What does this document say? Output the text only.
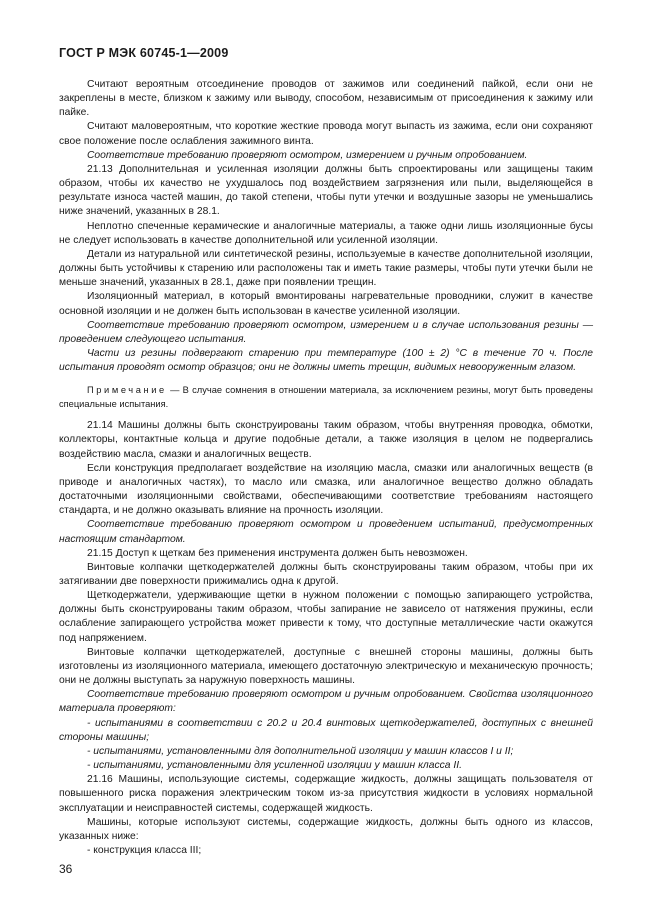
ГОСТ Р МЭК 60745-1—2009

Считают вероятным отсоединение проводов от зажимов или соединений пайкой, если они не закреплены в месте, близком к зажиму или выводу, способом, независимым от присоединения к зажиму или пайке.

Считают маловероятным, что короткие жесткие провода могут выпасть из зажима, если они сохраняют свое положение после ослабления зажимного винта.

Соответствие требованию проверяют осмотром, измерением и ручным опробованием.

21.13 Дополнительная и усиленная изоляции должны быть спроектированы или защищены таким образом, чтобы их качество не ухудшалось под воздействием загрязнения или пыли, выделяющейся в результате износа частей машин, до такой степени, чтобы пути утечки и воздушные зазоры не уменьшались ниже значений, указанных в 28.1.

Неплотно спеченные керамические и аналогичные материалы, а также одни лишь изоляционные бусы не следует использовать в качестве дополнительной или усиленной изоляции.

Детали из натуральной или синтетической резины, используемые в качестве дополнительной изоляции, должны быть устойчивы к старению или расположены так и иметь такие размеры, чтобы пути утечки были не меньше значений, указанных в 28.1, даже при появлении трещин.

Изоляционный материал, в который вмонтированы нагревательные проводники, служит в качестве основной изоляции и не должен быть использован в качестве усиленной изоляции.

Соответствие требованию проверяют осмотром, измерением и в случае использования резины — проведением следующего испытания.

Части из резины подвергают старению при температуре (100 ± 2) °С в течение 70 ч. После испытания проводят осмотр образцов; они не должны иметь трещин, видимых невооруженным глазом.

Примечание — В случае сомнения в отношении материала, за исключением резины, могут быть проведены специальные испытания.

21.14 Машины должны быть сконструированы таким образом, чтобы внутренняя проводка, обмотки, коллекторы, контактные кольца и другие подобные детали, а также изоляция в целом не подвергались воздействию масла, смазки и аналогичных веществ.

Если конструкция предполагает воздействие на изоляцию масла, смазки или аналогичных веществ (в приводе и аналогичных частях), то масло или смазка, или аналогичное вещество должно обладать достаточными изоляционными свойствами, обеспечивающими соответствие требованиям настоящего стандарта, и не должно оказывать влияние на прочность изоляции.

Соответствие требованию проверяют осмотром и проведением испытаний, предусмотренных настоящим стандартом.

21.15 Доступ к щеткам без применения инструмента должен быть невозможен.

Винтовые колпачки щеткодержателей должны быть сконструированы таким образом, чтобы при их затягивании две поверхности прижимались одна к другой.

Щеткодержатели, удерживающие щетки в нужном положении с помощью запирающего устройства, должны быть сконструированы таким образом, чтобы запирание не зависело от натяжения пружины, если ослабление запирающего устройства может привести к тому, что доступные металлические части окажутся под напряжением.

Винтовые колпачки щеткодержателей, доступные с внешней стороны машины, должны быть изготовлены из изоляционного материала, имеющего достаточную электрическую и механическую прочность; они не должны выступать за наружную поверхность машины.

Соответствие требованию проверяют осмотром и ручным опробованием. Свойства изоляционного материала проверяют:

- испытаниями в соответствии с 20.2 и 20.4 винтовых щеткодержателей, доступных с внешней стороны машины;

- испытаниями, установленными для дополнительной изоляции у машин классов I и II;

- испытаниями, установленными для усиленной изоляции у машин класса II.

21.16 Машины, использующие системы, содержащие жидкость, должны защищать пользователя от повышенного риска поражения электрическим током из-за присутствия жидкости в условиях нормальной эксплуатации и неисправностей системы, содержащей жидкость.

Машины, которые используют системы, содержащие жидкость, должны быть одного из классов, указанных ниже:

- конструкция класса III;

36
